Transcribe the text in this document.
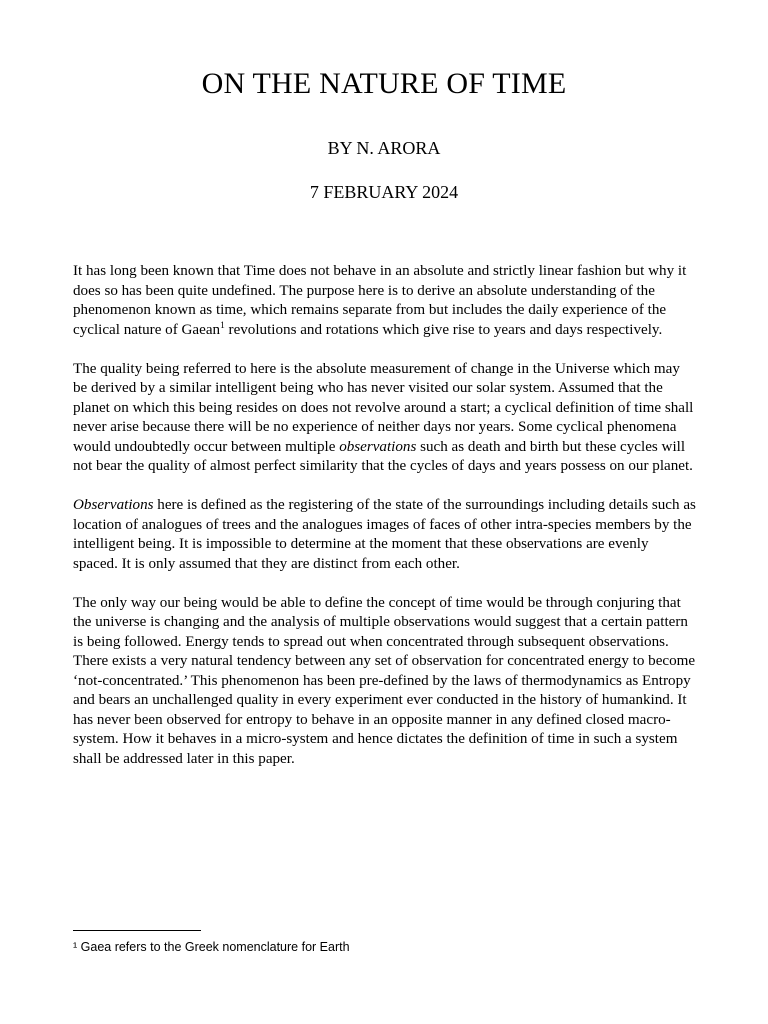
ON THE NATURE OF TIME
BY N. ARORA
7 FEBRUARY 2024

It has long been known that Time does not behave in an absolute and strictly linear fashion but why it does so has been quite undefined. The purpose here is to derive an absolute understanding of the phenomenon known as time, which remains separate from but includes the daily experience of the cyclical nature of Gaean$^1$ revolutions and rotations which give rise to years and days respectively.

The quality being referred to here is the absolute measurement of change in the Universe which may be derived by a similar intelligent being who has never visited our solar system. Assumed that the planet on which this being resides on does not revolve around a start; a cyclical definition of time shall never arise because there will be no experience of neither days nor years. Some cyclical phenomena would undoubtedly occur between multiple observations such as death and birth but these cycles will not bear the quality of almost perfect similarity that the cycles of days and years possess on our planet.

Observations here is defined as the registering of the state of the surroundings including details such as location of analogues of trees and the analogues images of faces of other intra-species members by the intelligent being. It is impossible to determine at the moment that these observations are evenly spaced. It is only assumed that they are distinct from each other.

The only way our being would be able to define the concept of time would be through conjuring that the universe is changing and the analysis of multiple observations would suggest that a certain pattern is being followed. Energy tends to spread out when concentrated through subsequent observations. There exists a very natural tendency between any set of observation for concentrated energy to become ‘not-concentrated.’ This phenomenon has been pre-defined by the laws of thermodynamics as Entropy and bears an unchallenged quality in every experiment ever conducted in the history of humankind. It has never been observed for entropy to behave in an opposite manner in any defined closed macro-system. How it behaves in a micro-system and hence dictates the definition of time in such a system shall be addressed later in this paper.

¹ Gaea refers to the Greek nomenclature for Earth
